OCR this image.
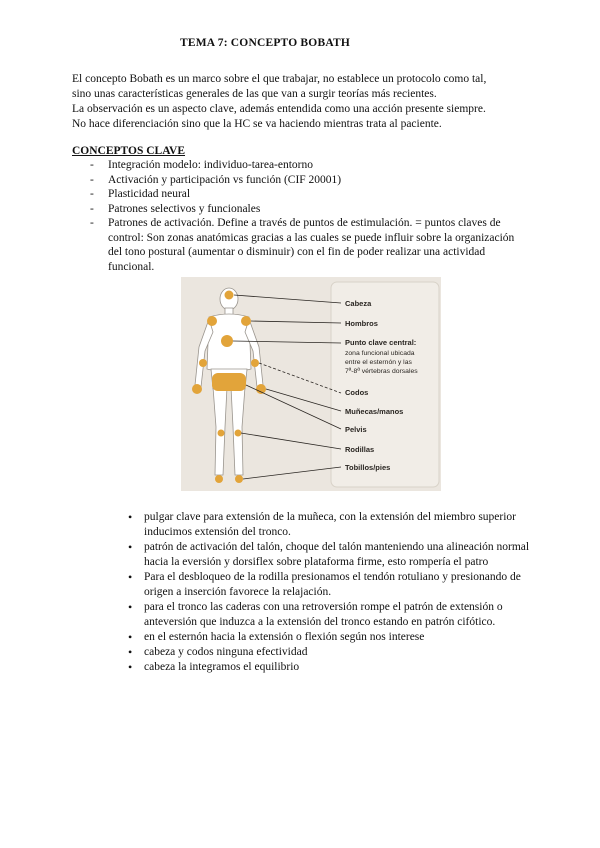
TEMA 7: CONCEPTO BOBATH

El concepto Bobath es un marco sobre el que trabajar, no establece un protocolo como tal,

sino unas características generales de las que van a surgir teorías más recientes.

La observación es un aspecto clave, además entendida como una acción presente siempre.

No hace diferenciación sino que la HC se va haciendo mientras trata al paciente.

CONCEPTOS CLAVE
- Integración modelo: individuo-tarea-entorno
- Activación y participación vs función (CIF 20001)
- Plasticidad neural
- Patrones selectivos y funcionales
- Patrones de activación. Define a través de puntos de estimulación. = puntos claves de control: Son zonas anatómicas gracias a las cuales se puede influir sobre la organización del tono postural (aumentar o disminuir) con el fin de poder realizar una actividad funcional.
Cabeza
Hombros
Punto clave central:
zona funcional ubicada
entre el esternón y las
7ª-8ª vértebras dorsales
Codos
Muñecas/manos
Pelvis
Rodillas
Tobillos/pies
• pulgar clave para extensión de la muñeca, con la extensión del miembro superior inducimos extensión del tronco.
• patrón de activación del talón, choque del talón manteniendo una alineación normal hacia la eversión y dorsiflex sobre plataforma firme, esto rompería el patro
• Para el desbloqueo de la rodilla presionamos el tendón rotuliano y presionando de origen a inserción favorece la relajación.
• para el tronco las caderas con una retroversión rompe el patrón de extensión o anteversión que induzca a la extensión del tronco estando en patrón cifótico.
• en el esternón hacia la extensión o flexión según nos interese
• cabeza y codos ninguna efectividad
• cabeza la integramos el equilibrio
